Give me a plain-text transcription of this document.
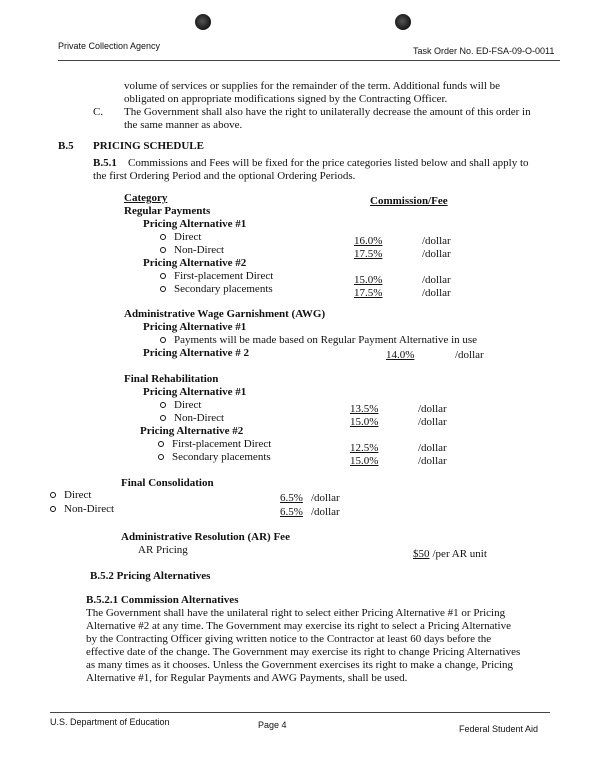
Private Collection Agency	Task Order No. ED-FSA-09-O-0011
volume of services or supplies for the remainder of the term. Additional funds will be
obligated on appropriate modifications signed by the Contracting Officer.
C. The Government shall also have the right to unilaterally decrease the amount of this order in
the same manner as above.
B.5 PRICING SCHEDULE
B.5.1 Commissions and Fees will be fixed for the price categories listed below and shall apply to
the first Ordering Period and the optional Ordering Periods.
Category	Commission/Fee
Regular Payments
Pricing Alternative #1
Direct	16.0%	/dollar
Non-Direct	17.5%	/dollar
Pricing Alternative #2
First-placement Direct	15.0%	/dollar
Secondary placements	17.5%	/dollar
Administrative Wage Garnishment (AWG)
Pricing Alternative #1
Payments will be made based on Regular Payment Alternative in use
Pricing Alternative # 2	14.0%	/dollar
Final Rehabilitation
Pricing Alternative #1
Direct	13.5%	/dollar
Non-Direct	15.0%	/dollar
Pricing Alternative #2
First-placement Direct	12.5%	/dollar
Secondary placements	15.0%	/dollar
Final Consolidation
Direct	6.5% /dollar
Non-Direct	6.5% /dollar
Administrative Resolution (AR) Fee
AR Pricing	$50 /per AR unit
B.5.2 Pricing Alternatives
B.5.2.1 Commission Alternatives
The Government shall have the unilateral right to select either Pricing Alternative #1 or Pricing
Alternative #2 at any time. The Government may exercise its right to select a Pricing Alternative
by the Contracting Officer giving written notice to the Contractor at least 60 days before the
effective date of the change. The Government may exercise its right to change Pricing Alternatives
as many times as it chooses. Unless the Government exercises its right to make a change, Pricing
Alternative #1, for Regular Payments and AWG Payments, shall be used.
U.S. Department of Education	Page 4	Federal Student Aid
